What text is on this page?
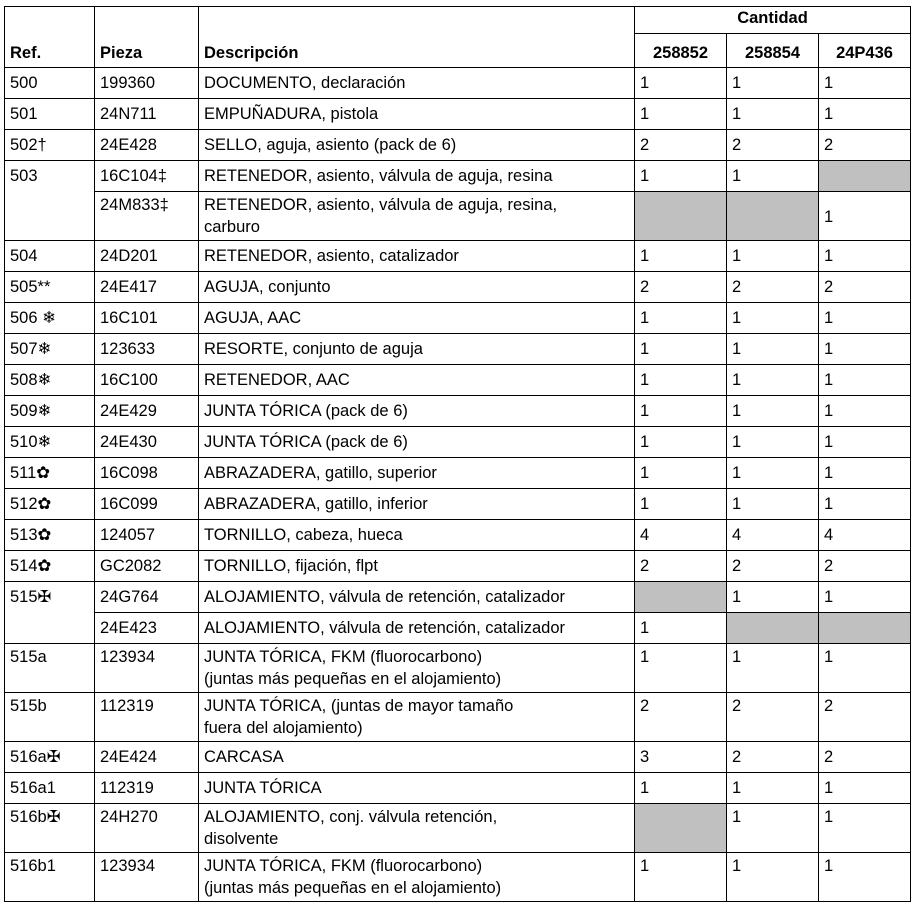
Ref.	Pieza	Descripción	Cantidad		
			258852	258854	24P436
500	199360	DOCUMENTO, declaración	1	1	1
501	24N711	EMPUÑADURA, pistola	1	1	1
502†	24E428	SELLO, aguja, asiento (pack de 6)	2	2	2
503	16C104‡	RETENEDOR, asiento, válvula de aguja, resina	1	1	
	24M833‡	RETENEDOR, asiento, válvula de aguja, resina,
carburo			1
504	24D201	RETENEDOR, asiento, catalizador	1	1	1
505**	24E417	AGUJA, conjunto	2	2	2
506 ❄	16C101	AGUJA, AAC	1	1	1
507❄	123633	RESORTE, conjunto de aguja	1	1	1
508❄	16C100	RETENEDOR, AAC	1	1	1
509❄	24E429	JUNTA TÓRICA (pack de 6)	1	1	1
510❄	24E430	JUNTA TÓRICA (pack de 6)	1	1	1
511✿	16C098	ABRAZADERA, gatillo, superior	1	1	1
512✿	16C099	ABRAZADERA, gatillo, inferior	1	1	1
513✿	124057	TORNILLO, cabeza, hueca	4	4	4
514✿	GC2082	TORNILLO, fijación, flpt	2	2	2
515✠	24G764	ALOJAMIENTO, válvula de retención, catalizador		1	1
	24E423	ALOJAMIENTO, válvula de retención, catalizador	1		
515a	123934	JUNTA TÓRICA, FKM (fluorocarbono)
(juntas más pequeñas en el alojamiento)	1	1	1
515b	112319	JUNTA TÓRICA, (juntas de mayor tamaño
fuera del alojamiento)	2	2	2
516a✠	24E424	CARCASA	3	2	2
516a1	112319	JUNTA TÓRICA	1	1	1
516b✠	24H270	ALOJAMIENTO, conj. válvula retención,
disolvente		1	1
516b1	123934	JUNTA TÓRICA, FKM (fluorocarbono)
(juntas más pequeñas en el alojamiento)	1	1	1
